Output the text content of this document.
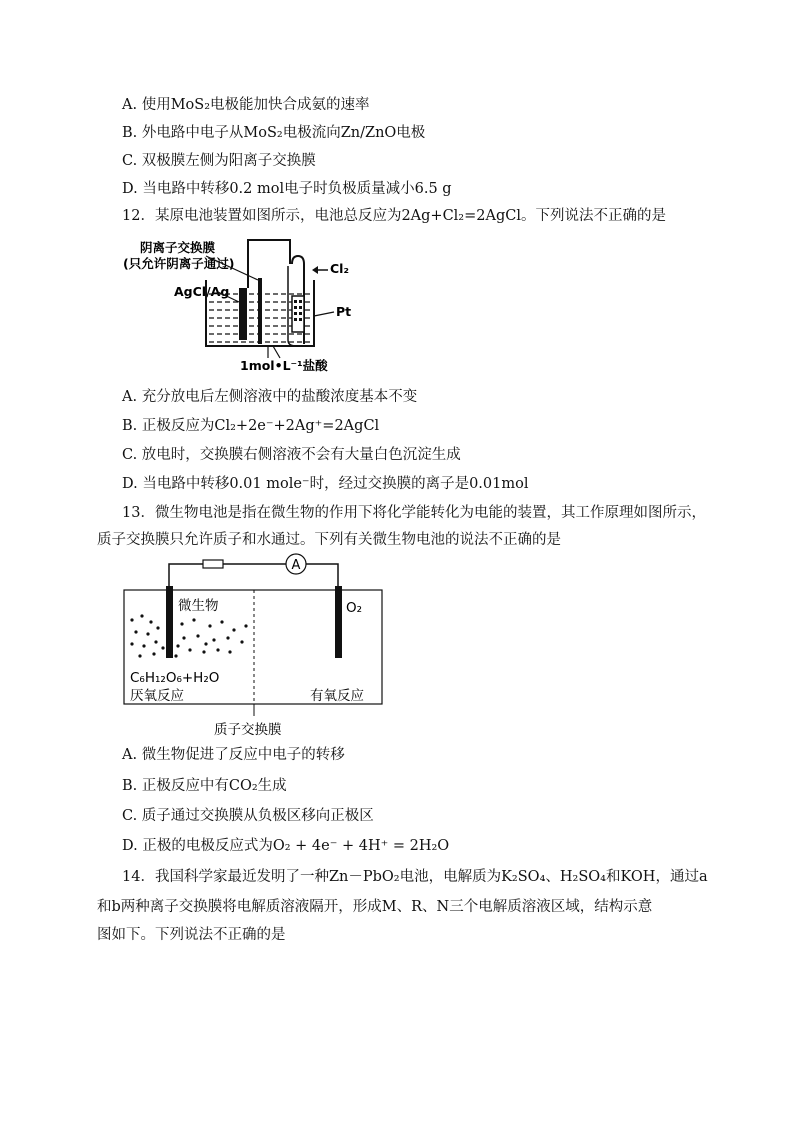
A. 使用MoS₂电极能加快合成氨的速率
B. 外电路中电子从MoS₂电极流向Zn/ZnO电极
C. 双极膜左侧为阳离子交换膜
D. 当电路中转移0.2 mol电子时负极质量减小6.5 g
12．某原电池装置如图所示，电池总反应为2Ag+Cl₂=2AgCl。下列说法不正确的是
阴离子交换膜
(只允许阴离子通过)
AgCl/Ag
Cl₂
Pt
1mol•L⁻¹盐酸
A. 充分放电后左侧溶液中的盐酸浓度基本不变
B. 正极反应为Cl₂+2e⁻+2Ag⁺=2AgCl
C. 放电时，交换膜右侧溶液不会有大量白色沉淀生成
D. 当电路中转移0.01 mole⁻时，经过交换膜的离子是0.01mol
13．微生物电池是指在微生物的作用下将化学能转化为电能的装置，其工作原理如图所示，
质子交换膜只允许质子和水通过。下列有关微生物电池的说法不正确的是
A
微生物	O₂
C₆H₁₂O₆+H₂O
厌氧反应	有氧反应
质子交换膜
A. 微生物促进了反应中电子的转移
B. 正极反应中有CO₂生成
C. 质子通过交换膜从负极区移向正极区
D. 正极的电极反应式为O₂ + 4e⁻ + 4H⁺ = 2H₂O
14．我国科学家最近发明了一种Zn－PbO₂电池，电解质为K₂SO₄、H₂SO₄和KOH，通过a
和b两种离子交换膜将电解质溶液隔开，形成M、R、N三个电解质溶液区域，结构示意
图如下。下列说法不正确的是
